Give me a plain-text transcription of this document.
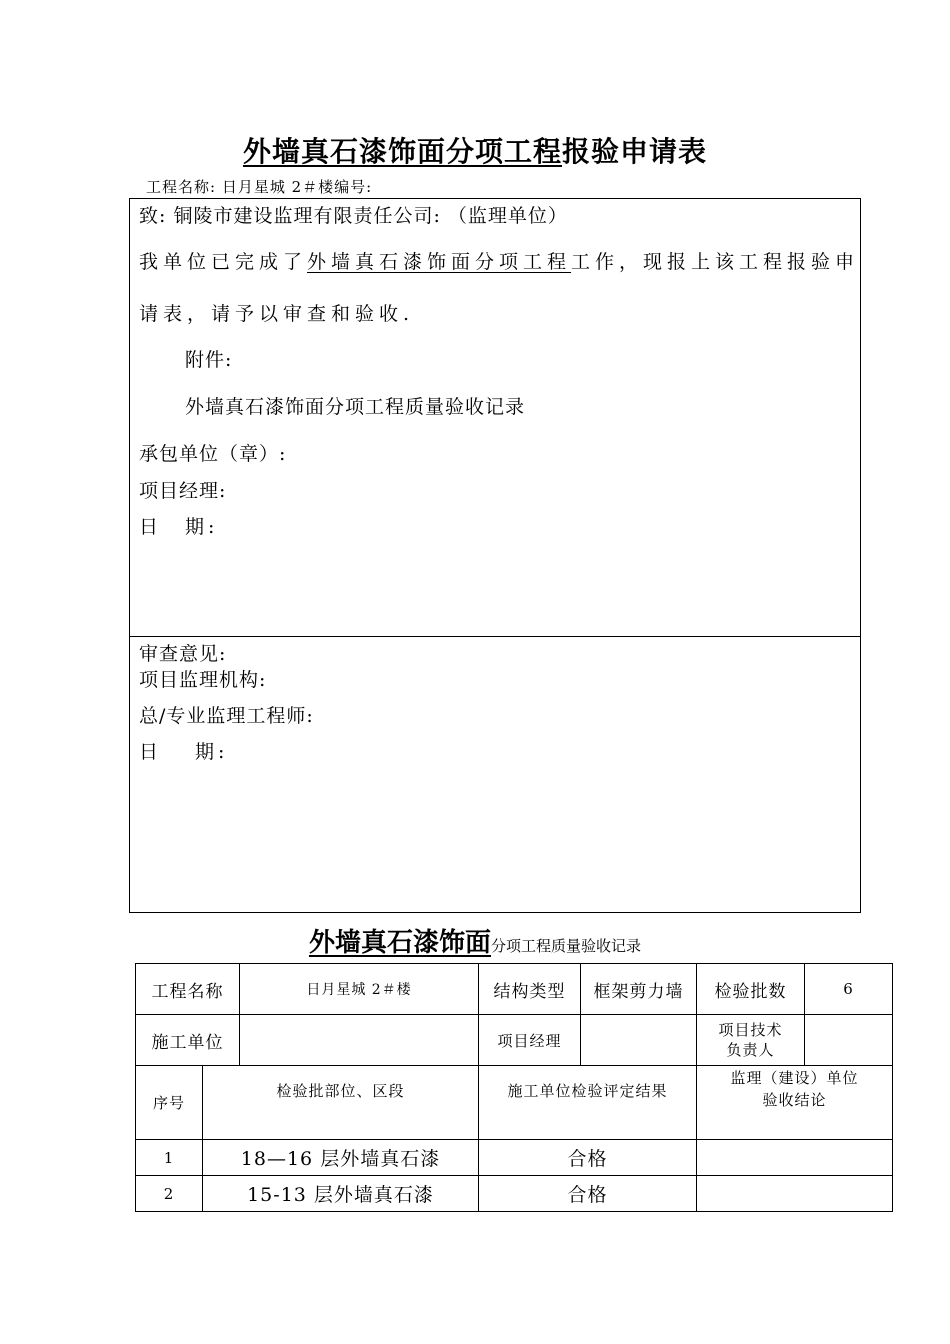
外墙真石漆饰面分项工程报验申请表
工程名称: 日月星城 2＃楼编号:
致: 铜陵市建设监理有限责任公司: （监理单位）
我单位已完成了外墙真石漆饰面分项工程工作，现报上该工程报验申
请表，请予以审查和验收.
附件:
外墙真石漆饰面分项工程质量验收记录
承包单位（章）:
项目经理:
日　期:
审查意见:
项目监理机构:
总/专业监理工程师:
日　 期:
外墙真石漆饰面分项工程质量验收记录
工程名称 日月星城 2＃楼		结构类型	框架剪力墙	检验批数	6

施工单位		项目经理		项目技术
负责人	

序号	检验批部位、区段	施工单位检验评定结果		监理（建设）单位
验收结论	

1	18—16 层外墙真石漆	合格			
2	15-13 层外墙真石漆	合格			
